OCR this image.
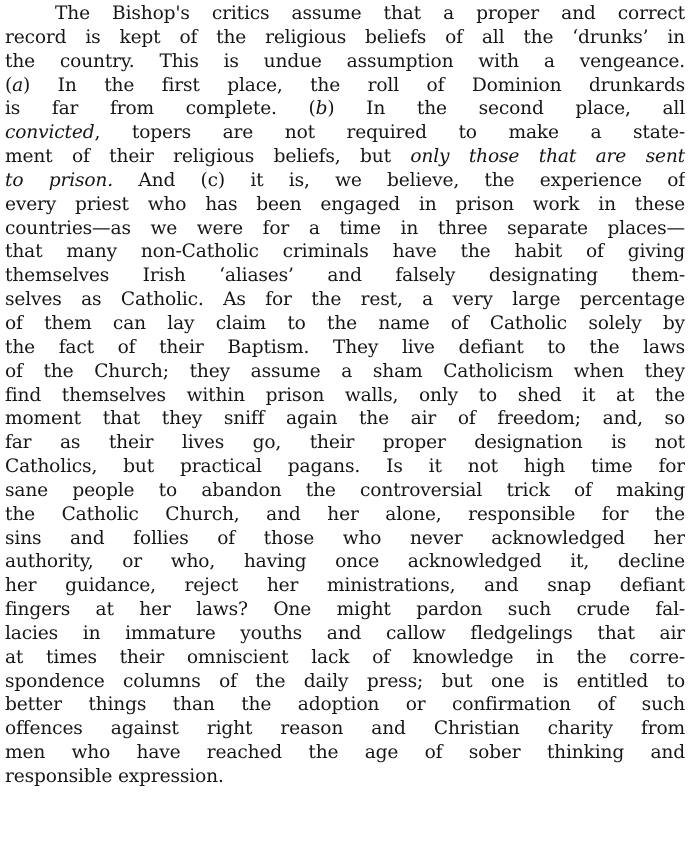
The Bishop's critics assume that a proper and correct
record is kept of the religious beliefs of all the ‘drunks’ in
the country. This is undue assumption with a vengeance.
(a) In the first place, the roll of Dominion drunkards
is far from complete. (b) In the second place, all
convicted, topers are not required to make a state-
ment of their religious beliefs, but only those that are sent
to prison. And (c) it is, we believe, the experience of
every priest who has been engaged in prison work in these
countries—as we were for a time in three separate places—
that many non-Catholic criminals have the habit of giving
themselves Irish ‘aliases’ and falsely designating them-
selves as Catholic. As for the rest, a very large percentage
of them can lay claim to the name of Catholic solely by
the fact of their Baptism. They live defiant to the laws
of the Church; they assume a sham Catholicism when they
find themselves within prison walls, only to shed it at the
moment that they sniff again the air of freedom; and, so
far as their lives go, their proper designation is not
Catholics, but practical pagans. Is it not high time for
sane people to abandon the controversial trick of making
the Catholic Church, and her alone, responsible for the
sins and follies of those who never acknowledged her
authority, or who, having once acknowledged it, decline
her guidance, reject her ministrations, and snap defiant
fingers at her laws? One might pardon such crude fal-
lacies in immature youths and callow fledgelings that air
at times their omniscient lack of knowledge in the corre-
spondence columns of the daily press; but one is entitled to
better things than the adoption or confirmation of such
offences against right reason and Christian charity from
men who have reached the age of sober thinking and
responsible expression.
